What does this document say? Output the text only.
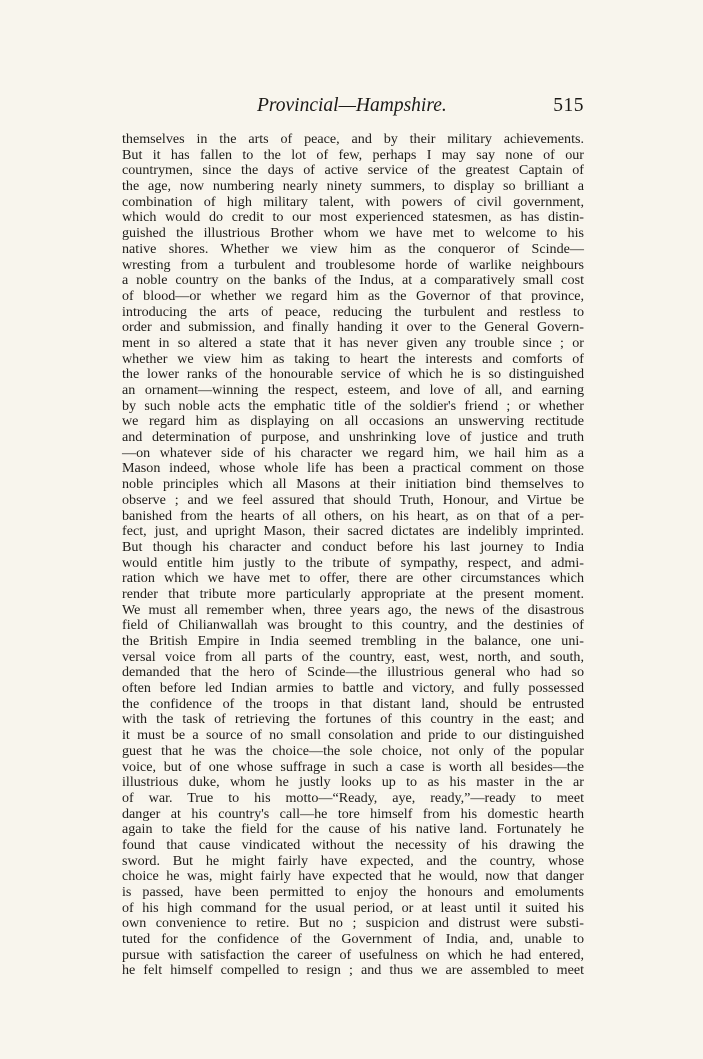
Provincial—Hampshire.	515
themselves in the arts of peace, and by their military achievements.
But it has fallen to the lot of few, perhaps I may say none of our
countrymen, since the days of active service of the greatest Captain of
the age, now numbering nearly ninety summers, to display so brilliant a
combination of high military talent, with powers of civil government,
which would do credit to our most experienced statesmen, as has distin-
guished the illustrious Brother whom we have met to welcome to his
native shores. Whether we view him as the conqueror of Scinde—
wresting from a turbulent and troublesome horde of warlike neighbours
a noble country on the banks of the Indus, at a comparatively small cost
of blood—or whether we regard him as the Governor of that province,
introducing the arts of peace, reducing the turbulent and restless to
order and submission, and finally handing it over to the General Govern-
ment in so altered a state that it has never given any trouble since ; or
whether we view him as taking to heart the interests and comforts of
the lower ranks of the honourable service of which he is so distinguished
an ornament—winning the respect, esteem, and love of all, and earning
by such noble acts the emphatic title of the soldier's friend ; or whether
we regard him as displaying on all occasions an unswerving rectitude
and determination of purpose, and unshrinking love of justice and truth
—on whatever side of his character we regard him, we hail him as a
Mason indeed, whose whole life has been a practical comment on those
noble principles which all Masons at their initiation bind themselves to
observe ; and we feel assured that should Truth, Honour, and Virtue be
banished from the hearts of all others, on his heart, as on that of a per-
fect, just, and upright Mason, their sacred dictates are indelibly imprinted.
But though his character and conduct before his last journey to India
would entitle him justly to the tribute of sympathy, respect, and admi-
ration which we have met to offer, there are other circumstances which
render that tribute more particularly appropriate at the present moment.
We must all remember when, three years ago, the news of the disastrous
field of Chilianwallah was brought to this country, and the destinies of
the British Empire in India seemed trembling in the balance, one uni-
versal voice from all parts of the country, east, west, north, and south,
demanded that the hero of Scinde—the illustrious general who had so
often before led Indian armies to battle and victory, and fully possessed
the confidence of the troops in that distant land, should be entrusted
with the task of retrieving the fortunes of this country in the east; and
it must be a source of no small consolation and pride to our distinguished
guest that he was the choice—the sole choice, not only of the popular
voice, but of one whose suffrage in such a case is worth all besides—the
illustrious duke, whom he justly looks up to as his master in the ar
of war. True to his motto—“Ready, aye, ready,”—ready to meet
danger at his country's call—he tore himself from his domestic hearth
again to take the field for the cause of his native land. Fortunately he
found that cause vindicated without the necessity of his drawing the
sword. But he might fairly have expected, and the country, whose
choice he was, might fairly have expected that he would, now that danger
is passed, have been permitted to enjoy the honours and emoluments
of his high command for the usual period, or at least until it suited his
own convenience to retire. But no ; suspicion and distrust were substi-
tuted for the confidence of the Government of India, and, unable to
pursue with satisfaction the career of usefulness on which he had entered,
he felt himself compelled to resign ; and thus we are assembled to meet
